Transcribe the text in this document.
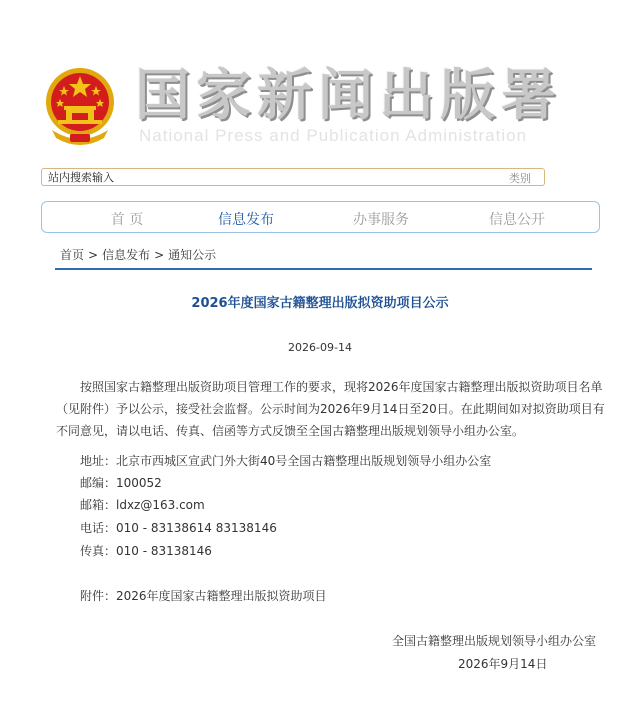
国家新闻出版署
National Press and Publication Administration
站内搜索输入
类别
首 页	信息发布	办事服务	信息公开
首页 > 信息发布 > 通知公示
2026年度国家古籍整理出版拟资助项目公示
2026-09-14

按照国家古籍整理出版资助项目管理工作的要求，现将2026年度国家古籍整理出版拟资助项目名单（见附件）予以公示，接受社会监督。公示时间为2026年9月14日至20日。在此期间如对拟资助项目有不同意见，请以电话、传真、信函等方式反馈至全国古籍整理出版规划领导小组办公室。

地址：北京市西城区宣武门外大街40号全国古籍整理出版规划领导小组办公室
邮编：100052
邮箱：ldxz@163.com
电话：010 - 83138614 83138146
传真：010 - 83138146
附件：2026年度国家古籍整理出版拟资助项目
全国古籍整理出版规划领导小组办公室
2026年9月14日
